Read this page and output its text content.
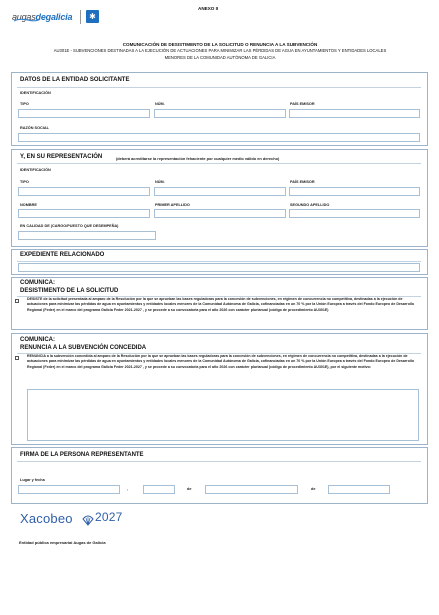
augasdegalicia	✱
ANEXO II
COMUNICACIÓN DE DESISTIMENTO DE LA SOLICITUD O RENUNCIA A LA SUBVENCIÓN
AU301E - SUBVENCIONES DESTINADAS A LA EJECUCIÓN DE ACTUACIONES PARA MINIMIZAR LAS PÉRDIDAS DE AGUA EN AYUNTAMIENTOS Y ENTIDADES LOCALES
MENORES DE LA COMUNIDAD AUTÓNOMA DE GALICIA
DATOS DE LA ENTIDAD SOLICITANTE
IDENTIFICACIÓN
TIPO	NÚM.	PAÍS EMISOR
RAZÓN SOCIAL
Y, EN SU REPRESENTACIÓN	(deberá acreditarse la representación fehaciente por cualquier medio válido en derecho)
IDENTIFICACIÓN
TIPO	NÚM.	PAÍS EMISOR
NOMBRE	PRIMER APELLIDO	SEGUNDO APELLIDO
EN CALIDAD DE (CARGO/PUESTO QUE DESEMPEÑA)
EXPEDIENTE RELACIONADO
COMUNICA:
DESISTIMENTO DE LA SOLICITUD
DESISTE de la solicitud presentada al amparo de la Resolución por la que se aprueban las bases reguladoras para la concesión de subvenciones, en régimen de concurrencia no competitiva, destinadas a la ejecución de actuaciones para minimizar las pérdidas de agua en ayuntamientos y entidades locales menores de la Comunidad Autónoma de Galicia, cofinanciadas en un 70 % por la Unión Europea a través del Fondo Europeo de Desarrollo Regional (Feder) en el marco del programa Galicia Feder 2021-2027 , y se procede a su convocatoria para el año 2026 con carácter plurianual (código de procedimiento AU301E)
COMUNICA:
RENUNCIA A LA SUBVENCIÓN CONCEDIDA
RENUNCIA a la subvención concedida al amparo de la Resolución por la que se aprueban las bases reguladoras para la concesión de subvenciones, en régimen de concurrencia no competitiva, destinadas a la ejecución de actuaciones para minimizar las pérdidas de agua en ayuntamientos y entidades locales menores de la Comunidad Autónoma de Galicia, cofinanciadas en un 70 % por la Unión Europea a través del Fondo Europeo de Desarrollo Regional (Feder) en el marco del programa Galicia Feder 2021-2027 , y se procede a su convocatoria para el año 2026 con carácter plurianual (código de procedimiento AU301E), por el siguiente motivo:
FIRMA DE LA PERSONA REPRESENTANTE
Lugar y fecha
,	de	de
Xacobeo 2027
Entidad pública empresarial Augas de Galicia
